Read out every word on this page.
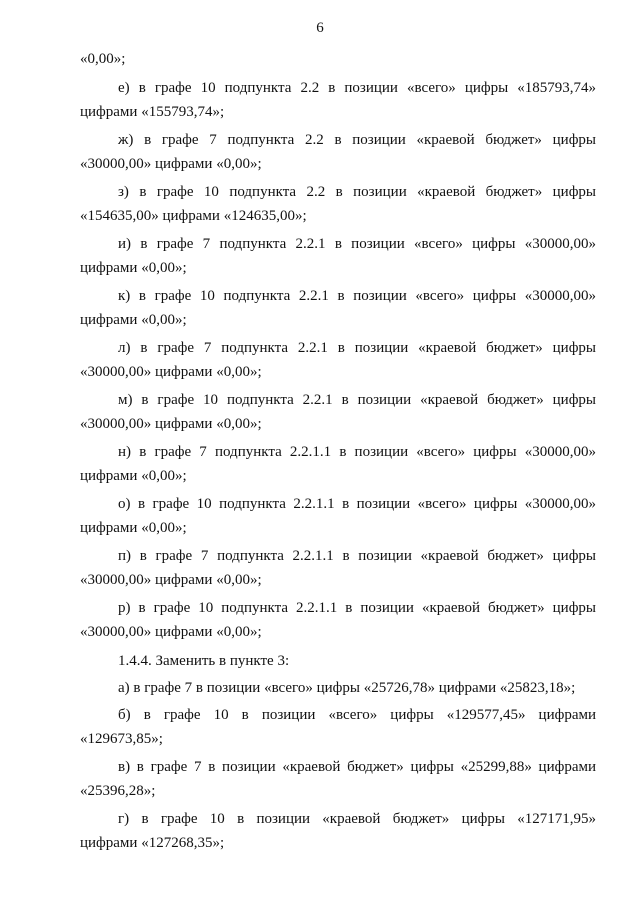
6
«0,00»;
е) в графе 10 подпункта 2.2 в позиции «всего» цифры «185793,74»
цифрами «155793,74»;
ж) в графе 7 подпункта 2.2 в позиции «краевой бюджет» цифры
«30000,00» цифрами «0,00»;
з) в графе 10 подпункта 2.2 в позиции «краевой бюджет» цифры
«154635,00» цифрами «124635,00»;
и) в графе 7 подпункта 2.2.1 в позиции «всего» цифры «30000,00»
цифрами «0,00»;
к) в графе 10 подпункта 2.2.1 в позиции «всего» цифры «30000,00»
цифрами «0,00»;
л) в графе 7 подпункта 2.2.1 в позиции «краевой бюджет» цифры
«30000,00» цифрами «0,00»;
м) в графе 10 подпункта 2.2.1 в позиции «краевой бюджет» цифры
«30000,00» цифрами «0,00»;
н) в графе 7 подпункта 2.2.1.1 в позиции «всего» цифры «30000,00»
цифрами «0,00»;
о) в графе 10 подпункта 2.2.1.1 в позиции «всего» цифры «30000,00»
цифрами «0,00»;
п) в графе 7 подпункта 2.2.1.1 в позиции «краевой бюджет» цифры
«30000,00» цифрами «0,00»;
р) в графе 10 подпункта 2.2.1.1 в позиции «краевой бюджет» цифры
«30000,00» цифрами «0,00»;
1.4.4. Заменить в пункте 3:
а) в графе 7 в позиции «всего» цифры «25726,78» цифрами «25823,18»;
б) в графе 10 в позиции «всего» цифры «129577,45» цифрами
«129673,85»;
в) в графе 7 в позиции «краевой бюджет» цифры «25299,88» цифрами
«25396,28»;
г) в графе 10 в позиции «краевой бюджет» цифры «127171,95»
цифрами «127268,35»;
